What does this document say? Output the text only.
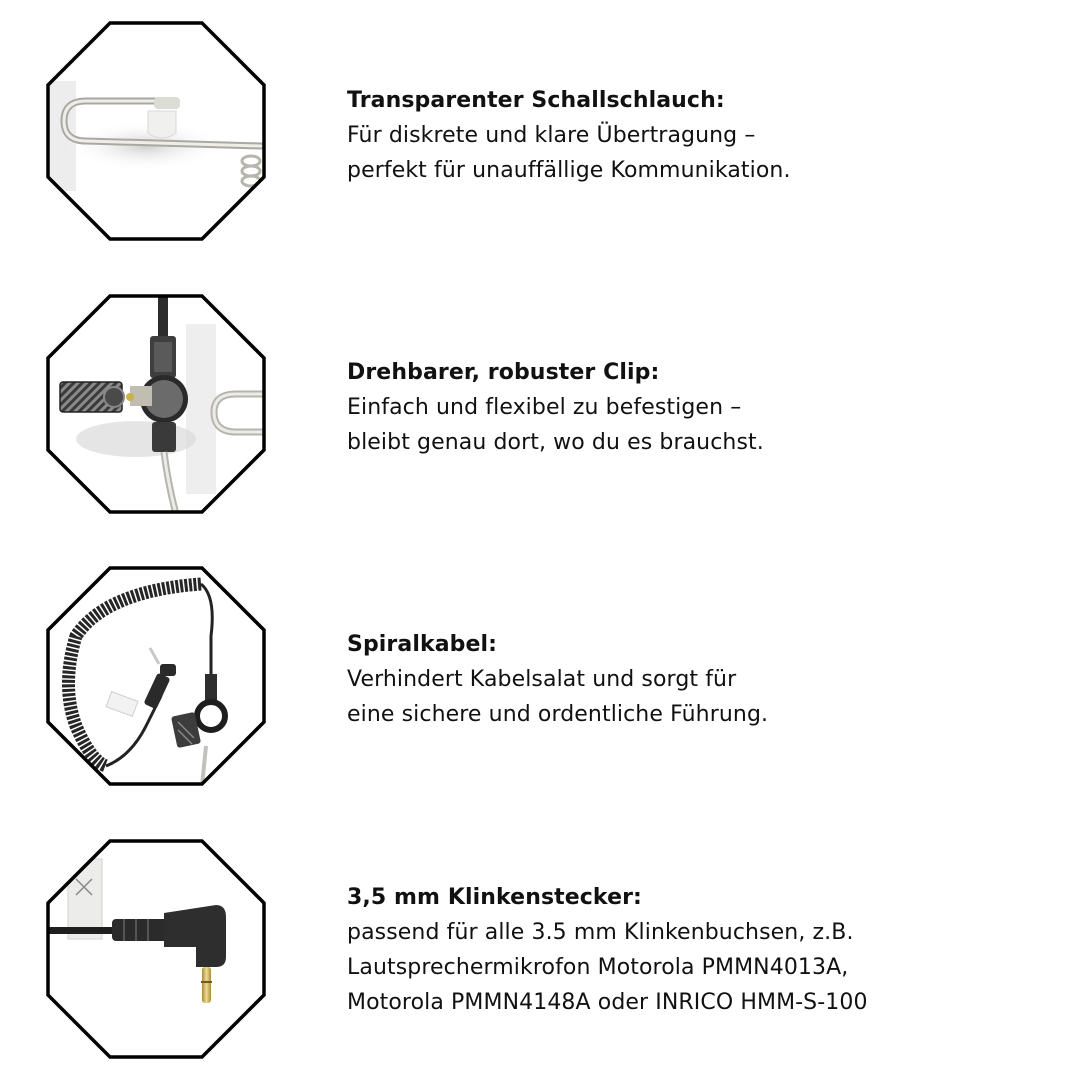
Transparenter Schallschlauch:
Für diskrete und klare Übertragung –
perfekt für unauffällige Kommunikation.
Drehbarer, robuster Clip:
Einfach und flexibel zu befestigen –
bleibt genau dort, wo du es brauchst.
Spiralkabel:
Verhindert Kabelsalat und sorgt für
eine sichere und ordentliche Führung.
3,5 mm Klinkenstecker:
passend für alle 3.5 mm Klinkenbuchsen, z.B.
Lautsprechermikrofon Motorola PMMN4013A,
Motorola PMMN4148A oder INRICO HMM-S-100
